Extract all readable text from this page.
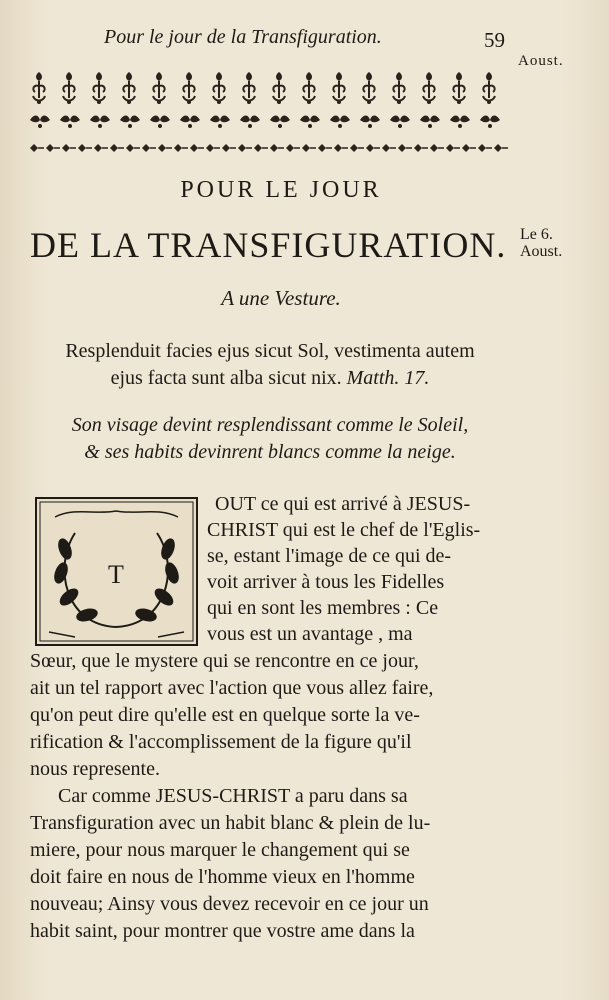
Pour le jour de la Transfiguration.	59
Aoust.
Le 6.
Aoust.
POUR LE JOUR
DE LA TRANSFIGURATION.
A une Vesture.
Resplenduit facies ejus sicut Sol, vestimenta autem
ejus facta sunt alba sicut nix. Matth. 17.
Son visage devint resplendissant comme le Soleil,
& ses habits devinrent blancs comme la neige.
T
OUT ce qui est arrivé à JESUS-
CHRIST qui est le chef de l'Eglis-
se, estant l'image de ce qui de-
voit arriver à tous les Fidelles
qui en sont les membres : Ce
vous est un avantage , ma
Sœur, que le mystere qui se rencontre en ce jour,
ait un tel rapport avec l'action que vous allez faire,
qu'on peut dire qu'elle est en quelque sorte la ve-
rification & l'accomplissement de la figure qu'il
nous represente.
Car comme JESUS-CHRIST a paru dans sa
Transfiguration avec un habit blanc & plein de lu-
miere, pour nous marquer le changement qui se
doit faire en nous de l'homme vieux en l'homme
nouveau; Ainsy vous devez recevoir en ce jour un
habit saint, pour montrer que vostre ame dans la
